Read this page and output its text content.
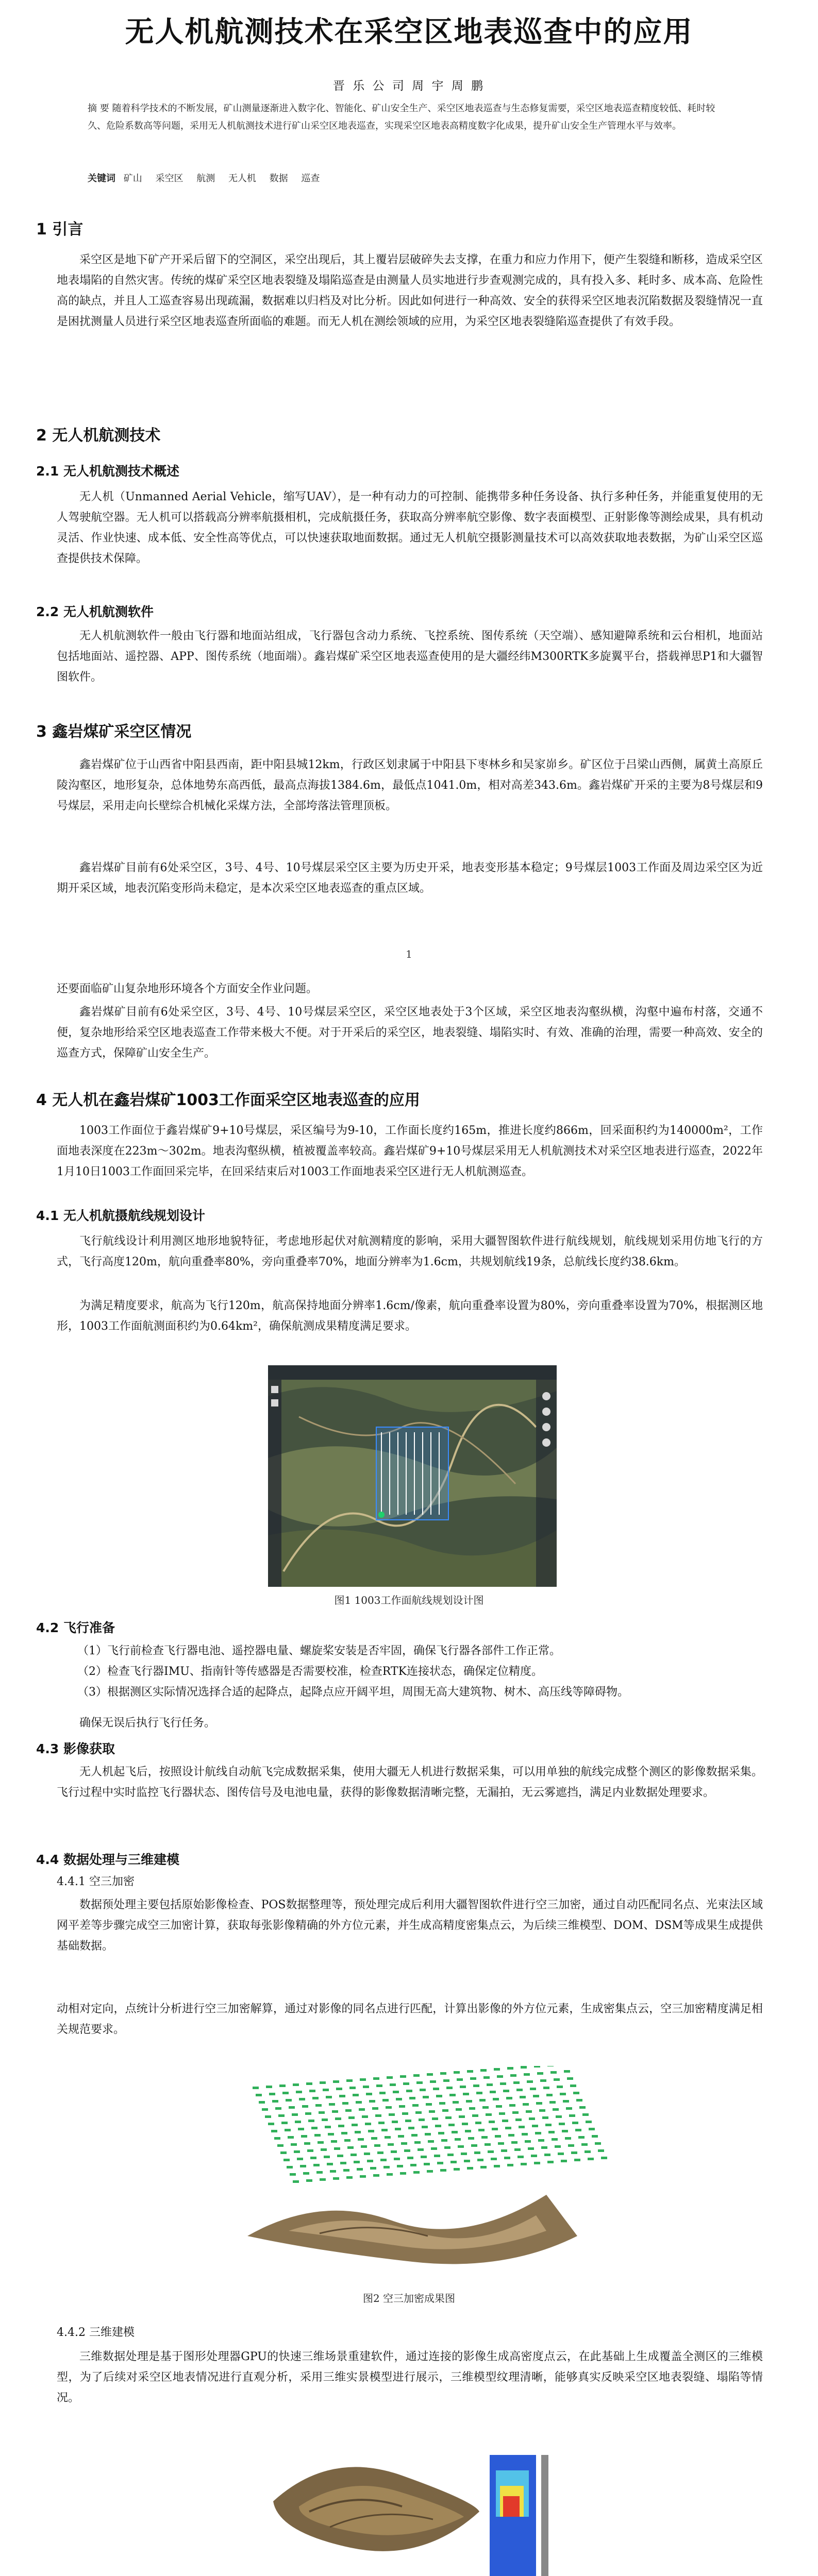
无人机航测技术在采空区地表巡查中的应用
晋 乐 公 司 周 宇 周 鹏
摘 要 随着科学技术的不断发展，矿山测量逐渐进入数字化、智能化、矿山安全生产、采空区地表巡查与生态修复需要，采空区地表巡查精度较低、耗时较久、危险系数高等问题，采用无人机航测技术进行矿山采空区地表巡查，实现采空区地表高精度数字化成果，提升矿山安全生产管理水平与效率。
关键词 矿山 采空区 航测 无人机 数据 巡查
1 引言

采空区是地下矿产开采后留下的空洞区，采空出现后，其上覆岩层破碎失去支撑，在重力和应力作用下，便产生裂缝和断移，造成采空区地表塌陷的自然灾害。传统的煤矿采空区地表裂缝及塌陷巡查是由测量人员实地进行步查观测完成的，具有投入多、耗时多、成本高、危险性高的缺点，并且人工巡查容易出现疏漏，数据难以归档及对比分析。因此如何进行一种高效、安全的获得采空区地表沉陷数据及裂缝情况一直是困扰测量人员进行采空区地表巡查所面临的难题。而无人机在测绘领域的应用，为采空区地表裂缝陷巡查提供了有效手段。

2 无人机航测技术
2.1 无人机航测技术概述

无人机（Unmanned Aerial Vehicle，缩写UAV），是一种有动力的可控制、能携带多种任务设备、执行多种任务，并能重复使用的无人驾驶航空器。无人机可以搭载高分辨率航摄相机，完成航摄任务，获取高分辨率航空影像、数字表面模型、正射影像等测绘成果，具有机动灵活、作业快速、成本低、安全性高等优点，可以快速获取地面数据。通过无人机航空摄影测量技术可以高效获取地表数据，为矿山采空区巡查提供技术保障。

2.2 无人机航测软件

无人机航测软件一般由飞行器和地面站组成，飞行器包含动力系统、飞控系统、图传系统（天空端）、感知避障系统和云台相机，地面站包括地面站、遥控器、APP、图传系统（地面端）。鑫岩煤矿采空区地表巡查使用的是大疆经纬M300RTK多旋翼平台，搭载禅思P1和大疆智图软件。

3 鑫岩煤矿采空区情况

鑫岩煤矿位于山西省中阳县西南，距中阳县城12km，行政区划隶属于中阳县下枣林乡和吴家峁乡。矿区位于吕梁山西侧，属黄土高原丘陵沟壑区，地形复杂，总体地势东高西低，最高点海拔1384.6m，最低点1041.0m，相对高差343.6m。鑫岩煤矿开采的主要为8号煤层和9号煤层，采用走向长壁综合机械化采煤方法，全部垮落法管理顶板。

鑫岩煤矿目前有6处采空区，3号、4号、10号煤层采空区主要为历史开采，地表变形基本稳定；9号煤层1003工作面及周边采空区为近期开采区域，地表沉陷变形尚未稳定，是本次采空区地表巡查的重点区域。

1

还要面临矿山复杂地形环境各个方面安全作业问题。

鑫岩煤矿目前有6处采空区，3号、4号、10号煤层采空区，采空区地表处于3个区域，采空区地表沟壑纵横，沟壑中遍布村落，交通不便，复杂地形给采空区地表巡查工作带来极大不便。对于开采后的采空区，地表裂缝、塌陷实时、有效、准确的治理，需要一种高效、安全的巡查方式，保障矿山安全生产。

4 无人机在鑫岩煤矿1003工作面采空区地表巡查的应用

1003工作面位于鑫岩煤矿9+10号煤层，采区编号为9-10，工作面长度约165m，推进长度约866m，回采面积约为140000m²，工作面地表深度在223m～302m。地表沟壑纵横，植被覆盖率较高。鑫岩煤矿9+10号煤层采用无人机航测技术对采空区地表进行巡查，2022年1月10日1003工作面回采完毕，在回采结束后对1003工作面地表采空区进行无人机航测巡查。

4.1 无人机航摄航线规划设计

飞行航线设计利用测区地形地貌特征，考虑地形起伏对航测精度的影响，采用大疆智图软件进行航线规划，航线规划采用仿地飞行的方式，飞行高度120m，航向重叠率80%，旁向重叠率70%，地面分辨率为1.6cm，共规划航线19条，总航线长度约38.6km。

为满足精度要求，航高为飞行120m，航高保持地面分辨率1.6cm/像素，航向重叠率设置为80%，旁向重叠率设置为70%，根据测区地形，1003工作面航测面积约为0.64km²，确保航测成果精度满足要求。

图1 1003工作面航线规划设计图
4.2 飞行准备
（1）飞行前检查飞行器电池、遥控器电量、螺旋桨安装是否牢固，确保飞行器各部件工作正常。
（2）检查飞行器IMU、指南针等传感器是否需要校准，检查RTK连接状态，确保定位精度。
（3）根据测区实际情况选择合适的起降点，起降点应开阔平坦，周围无高大建筑物、树木、高压线等障碍物。

确保无误后执行飞行任务。

4.3 影像获取

无人机起飞后，按照设计航线自动航飞完成数据采集，使用大疆无人机进行数据采集，可以用单独的航线完成整个测区的影像数据采集。飞行过程中实时监控飞行器状态、图传信号及电池电量，获得的影像数据清晰完整，无漏拍，无云雾遮挡，满足内业数据处理要求。

4.4 数据处理与三维建模
4.4.1 空三加密

数据预处理主要包括原始影像检查、POS数据整理等，预处理完成后利用大疆智图软件进行空三加密，通过自动匹配同名点、光束法区域网平差等步骤完成空三加密计算，获取每张影像精确的外方位元素，并生成高精度密集点云，为后续三维模型、DOM、DSM等成果生成提供基础数据。

动相对定向，点统计分析进行空三加密解算，通过对影像的同名点进行匹配，计算出影像的外方位元素，生成密集点云，空三加密精度满足相关规范要求。

图2 空三加密成果图
4.4.2 三维建模

三维数据处理是基于图形处理器GPU的快速三维场景重建软件，通过连接的影像生成高密度点云，在此基础上生成覆盖全测区的三维模型，为了后续对采空区地表情况进行直观分析，采用三维实景模型进行展示，三维模型纹理清晰，能够真实反映采空区地表裂缝、塌陷等情况。
